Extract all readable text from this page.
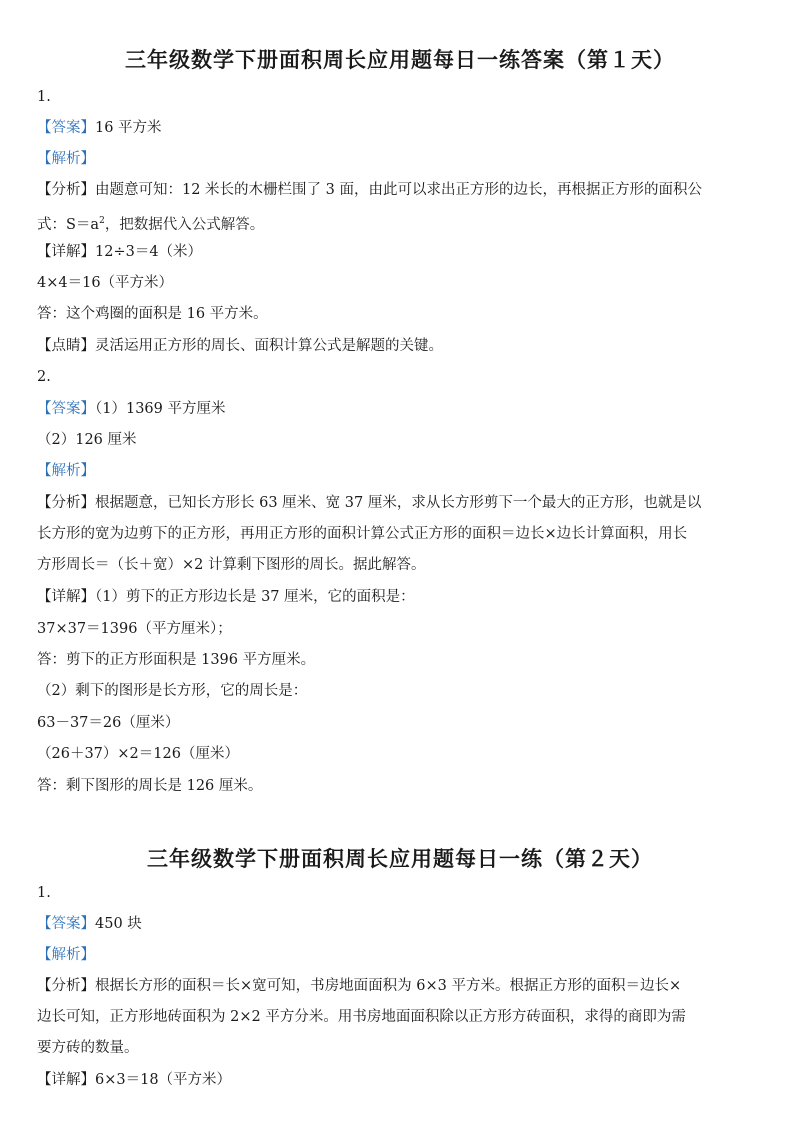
三年级数学下册面积周长应用题每日一练答案（第１天）
1.
【答案】16 平方米
【解析】
【分析】由题意可知：12 米长的木栅栏围了 3 面，由此可以求出正方形的边长，再根据正方形的面积公
式：$S=a^2$，把数据代入公式解答。
【详解】12÷3＝4（米）
4×4＝16（平方米）
答：这个鸡圈的面积是 16 平方米。
【点睛】灵活运用正方形的周长、面积计算公式是解题的关键。
2.
【答案】（1）1369 平方厘米
（2）126 厘米
【解析】
【分析】根据题意，已知长方形长 63 厘米、宽 37 厘米，求从长方形剪下一个最大的正方形，也就是以
长方形的宽为边剪下的正方形，再用正方形的面积计算公式正方形的面积＝边长×边长计算面积，用长
方形周长＝（长＋宽）×2 计算剩下图形的周长。据此解答。
【详解】（1）剪下的正方形边长是 37 厘米，它的面积是：
37×37＝1396（平方厘米）；
答：剪下的正方形面积是 1396 平方厘米。
（2）剩下的图形是长方形，它的周长是：
63－37＝26（厘米）
（26＋37）×2＝126（厘米）
答：剩下图形的周长是 126 厘米。
三年级数学下册面积周长应用题每日一练（第２天）
1.
【答案】450 块
【解析】
【分析】根据长方形的面积＝长×宽可知，书房地面面积为 6×3 平方米。根据正方形的面积＝边长×
边长可知，正方形地砖面积为 2×2 平方分米。用书房地面面积除以正方形方砖面积，求得的商即为需
要方砖的数量。
【详解】6×3＝18（平方米）
